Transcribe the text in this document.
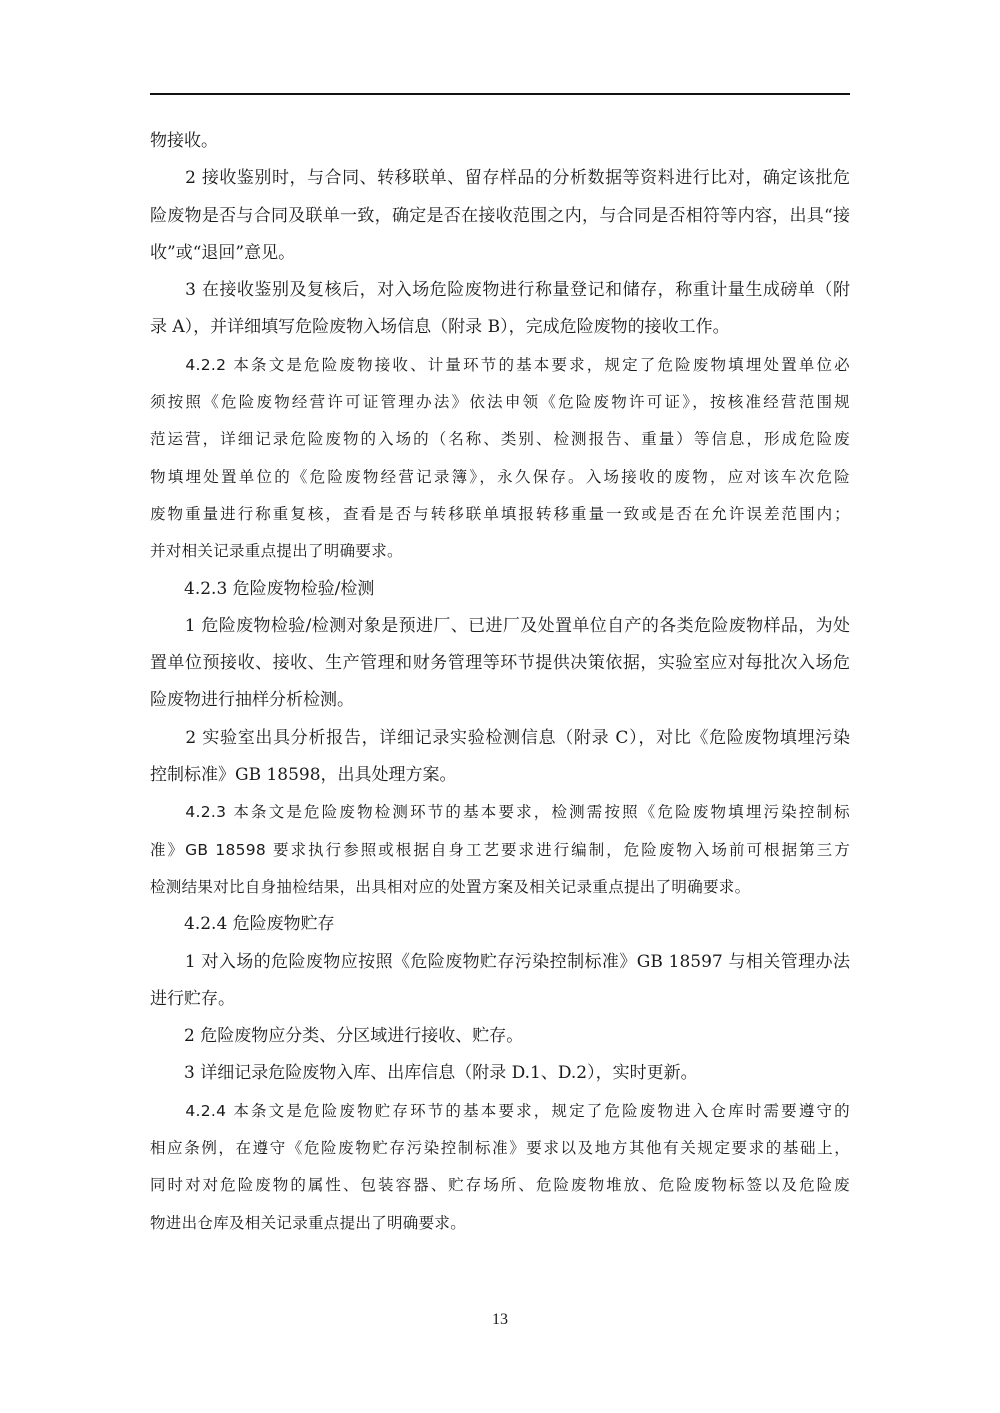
物接收。
　　2 接收鉴别时，与合同、转移联单、留存样品的分析数据等资料进行比对，确定该批危
险废物是否与合同及联单一致，确定是否在接收范围之内，与合同是否相符等内容，出具“接
收”或“退回”意见。
　　3 在接收鉴别及复核后，对入场危险废物进行称量登记和储存，称重计量生成磅单（附
录 A），并详细填写危险废物入场信息（附录 B），完成危险废物的接收工作。
　　4.2.2 本条文是危险废物接收、计量环节的基本要求，规定了危险废物填埋处置单位必
须按照《危险废物经营许可证管理办法》依法申领《危险废物许可证》，按核准经营范围规
范运营，详细记录危险废物的入场的（名称、类别、检测报告、重量）等信息，形成危险废
物填埋处置单位的《危险废物经营记录簿》，永久保存。入场接收的废物，应对该车次危险
废物重量进行称重复核，查看是否与转移联单填报转移重量一致或是否在允许误差范围内；
并对相关记录重点提出了明确要求。
　　4.2.3 危险废物检验/检测
　　1 危险废物检验/检测对象是预进厂、已进厂及处置单位自产的各类危险废物样品，为处
置单位预接收、接收、生产管理和财务管理等环节提供决策依据，实验室应对每批次入场危
险废物进行抽样分析检测。
　　2 实验室出具分析报告，详细记录实验检测信息（附录 C），对比《危险废物填埋污染
控制标准》GB 18598，出具处理方案。
　　4.2.3 本条文是危险废物检测环节的基本要求，检测需按照《危险废物填埋污染控制标
准》GB 18598 要求执行参照或根据自身工艺要求进行编制，危险废物入场前可根据第三方
检测结果对比自身抽检结果，出具相对应的处置方案及相关记录重点提出了明确要求。
　　4.2.4 危险废物贮存
　　1 对入场的危险废物应按照《危险废物贮存污染控制标准》GB 18597 与相关管理办法
进行贮存。
　　2 危险废物应分类、分区域进行接收、贮存。
　　3 详细记录危险废物入库、出库信息（附录 D.1、D.2），实时更新。
　　4.2.4 本条文是危险废物贮存环节的基本要求，规定了危险废物进入仓库时需要遵守的
相应条例，在遵守《危险废物贮存污染控制标准》要求以及地方其他有关规定要求的基础上，
同时对对危险废物的属性、包装容器、贮存场所、危险废物堆放、危险废物标签以及危险废
物进出仓库及相关记录重点提出了明确要求。
13
